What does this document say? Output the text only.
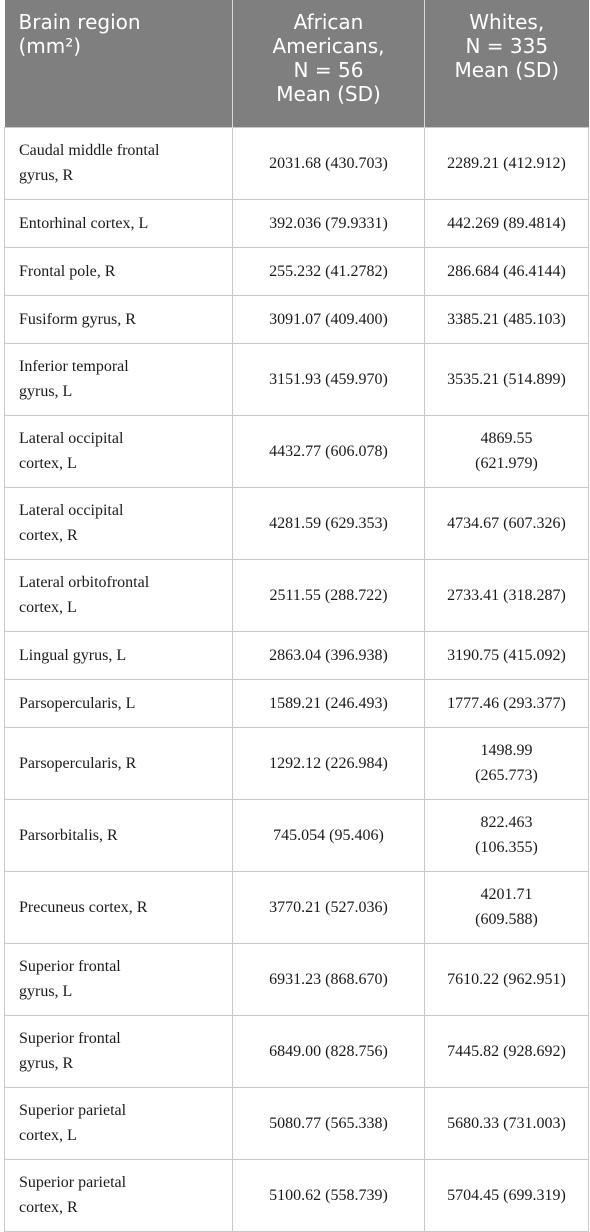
Brain region
(mm²)	African
Americans,
N = 56
Mean (SD)	Whites,
N = 335
Mean (SD)

Caudal middle frontal
gyrus, R	2031.68 (430.703)	2289.21 (412.912)

Entorhinal cortex, L	392.036 (79.9331)	442.269 (89.4814)

Frontal pole, R	255.232 (41.2782)	286.684 (46.4144)

Fusiform gyrus, R	3091.07 (409.400)	3385.21 (485.103)

Inferior temporal
gyrus, L	3151.93 (459.970)	3535.21 (514.899)

Lateral occipital
cortex, L	4432.77 (606.078)	4869.55
(621.979)

Lateral occipital
cortex, R	4281.59 (629.353)	4734.67 (607.326)

Lateral orbitofrontal
cortex, L	2511.55 (288.722)	2733.41 (318.287)

Lingual gyrus, L	2863.04 (396.938)	3190.75 (415.092)

Parsopercularis, L	1589.21 (246.493)	1777.46 (293.377)

Parsopercularis, R	1292.12 (226.984)	1498.99
(265.773)

Parsorbitalis, R	745.054 (95.406)	822.463
(106.355)

Precuneus cortex, R	3770.21 (527.036)	4201.71
(609.588)

Superior frontal
gyrus, L	6931.23 (868.670)	7610.22 (962.951)

Superior frontal
gyrus, R	6849.00 (828.756)	7445.82 (928.692)

Superior parietal
cortex, L	5080.77 (565.338)	5680.33 (731.003)

Superior parietal
cortex, R	5100.62 (558.739)	5704.45 (699.319)
